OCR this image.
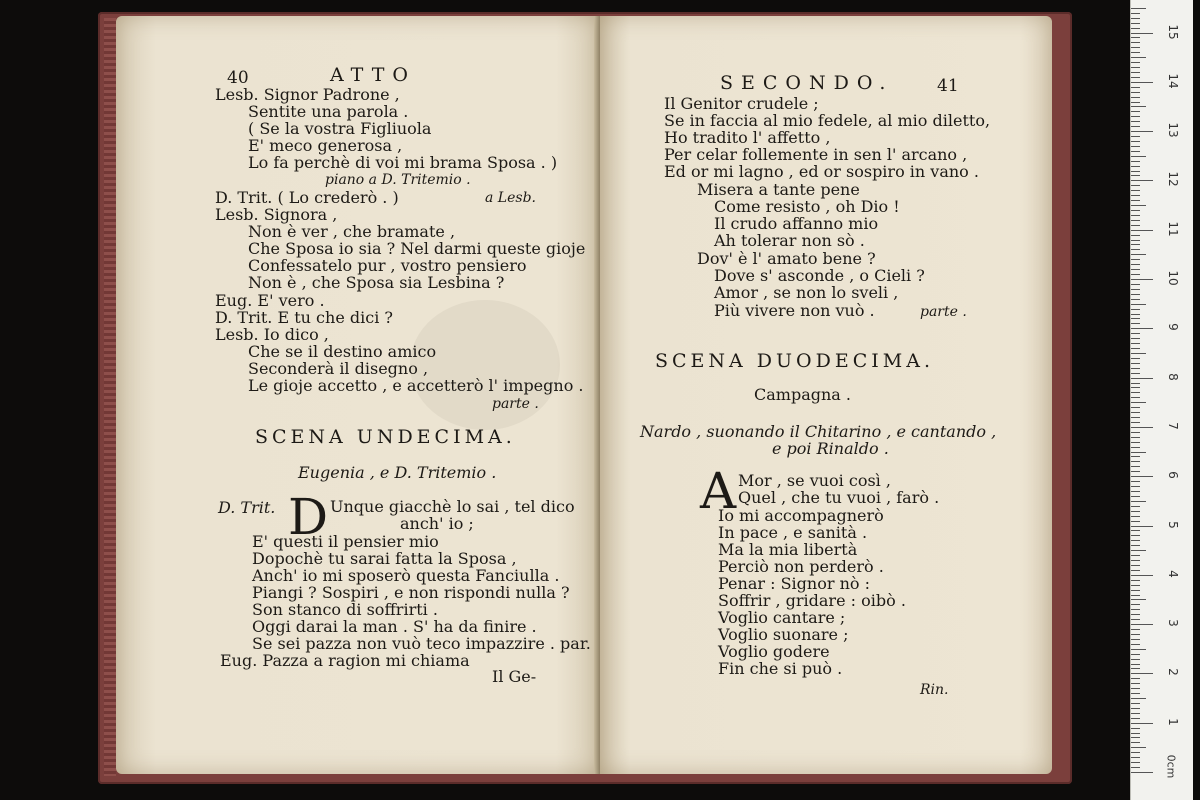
40	ATTO
Lesb. Signor Padrone ,
Sentite una parola .
( Se la vostra Figliuola
E' meco generosa ,
Lo fa perchè di voi mi brama Sposa . )
piano a D. Tritemio .
D. Trit. ( Lo crederò . )	a Lesb.
Lesb. Signora ,
Non è ver , che bramate ,
Che Sposa io sia ? Nel darmi queste gioje
Confessatelo pur , vostro pensiero
Non è , che Sposa sia Lesbina ?
Eug. E' vero .
D. Trit. E tu che dici ?
Lesb. Io dico ,
Che se il destino amico
Seconderà il disegno ,
Le gioje accetto , e accetterò l' impegno .
parte .
SCENA UNDECIMA.
Eugenia , e D. Tritemio .
D. Trit. D Unque giacchè lo sai , tel dico
anch' io ;
E' questi il pensier mio
Dopochè tu sarai fatta la Sposa ,
Anch' io mi sposerò questa Fanciulla .
Piangi ? Sospiri , e non rispondi nulla ?
Son stanco di soffrirti .
Oggi darai la man . S' ha da finire .
Se sei pazza non vuò teco impazzire . par.
Eug. Pazza a ragion mi chiama
Il Ge-
SECONDO.	41
Il Genitor crudele ;
Se in faccia al mio fedele, al mio diletto,
Ho tradito l' affetto ,
Per celar follemente in sen l' arcano ,
Ed or mi lagno , ed or sospiro in vano .
Misera a tante pene
Come resisto , oh Dio !
Il crudo affanno mio
Ah tolerar non sò .
Dov' è l' amato bene ?
Dove s' asconde , o Cieli ?
Amor , se non lo sveli ,
Più vivere non vuò .	parte .
SCENA DUODECIMA.
Campagna .
Nardo , suonando il Chitarino , e cantando ,
e poi Rinaldo .
A Mor , se vuoi così ,
Quel , che tu vuoi , farò .
Io mi accompagnerò
In pace , e sanità .
Ma la mia libertà
Perciò non perderò .
Penar : Signor nò :
Soffrir , gridare : oibò .
Voglio cantare ;
Voglio suonare ;
Voglio godere
Fin che si può .
Rin.
0cm
1
2
3
4
5
6
7
8
9
10
11
12
13
14
15
